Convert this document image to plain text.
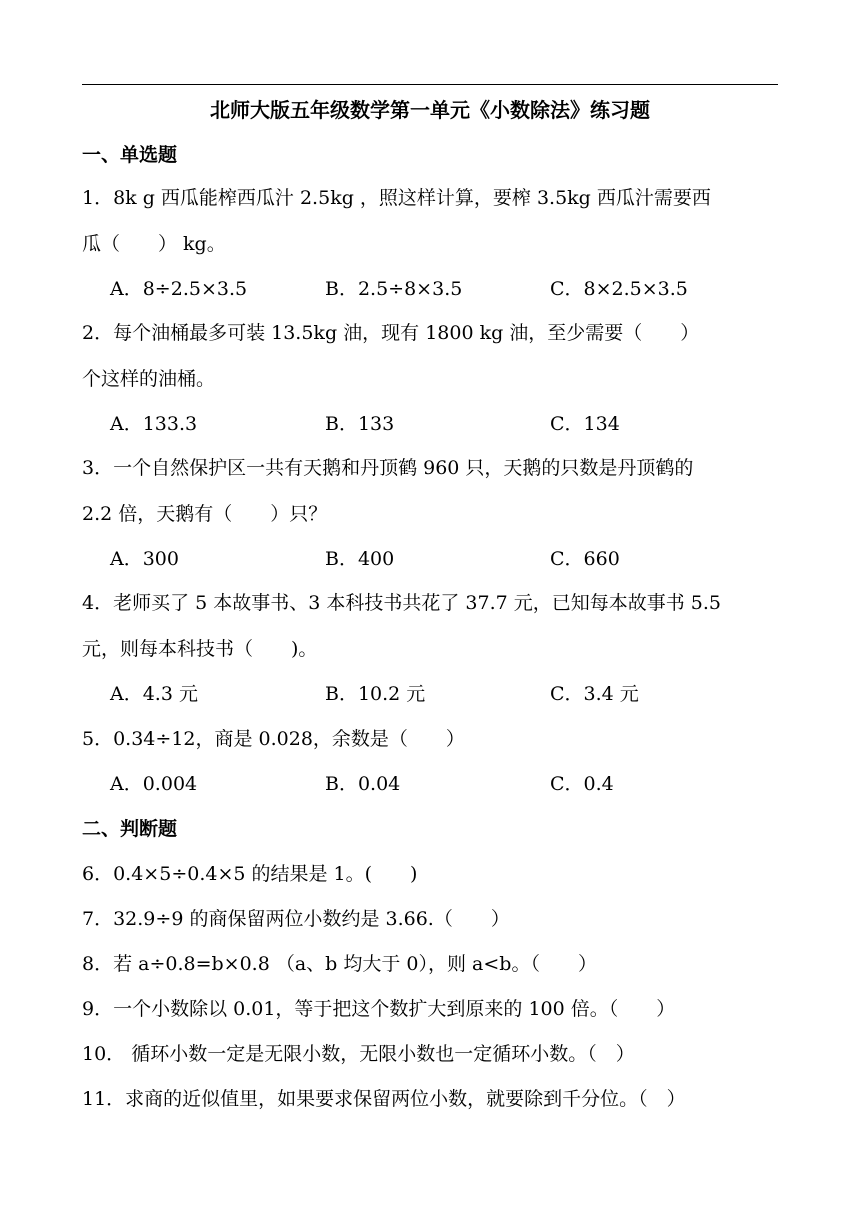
北师大版五年级数学第一单元《小数除法》练习题
一、单选题
1．8k g 西瓜能榨西瓜汁 2.5kg ，照这样计算，要榨 3.5kg 西瓜汁需要西
瓜（　　） kg。
A．8÷2.5×3.5	B．2.5÷8×3.5	C．8×2.5×3.5
2．每个油桶最多可装 13.5kg 油，现有 1800 kg 油，至少需要（　　）
个这样的油桶。
A．133.3	B．133	C．134
3．一个自然保护区一共有天鹅和丹顶鹤 960 只，天鹅的只数是丹顶鹤的
2.2 倍，天鹅有（　　）只？
A．300	B．400	C．660
4．老师买了 5 本故事书、3 本科技书共花了 37.7 元，已知每本故事书 5.5
元，则每本科技书（　　)。
A．4.3 元	B．10.2 元	C．3.4 元
5．0.34÷12，商是 0.028，余数是（　　）
A．0.004	B．0.04	C．0.4
二、判断题
6．0.4×5÷0.4×5 的结果是 1。(　　)
7．32.9÷9 的商保留两位小数约是 3.66.（　　）
8．若 a÷0.8=b×0.8 （a、b 均大于 0），则 a<b。（　　）
9．一个小数除以 0.01，等于把这个数扩大到原来的 100 倍。（　　）
10． 循环小数一定是无限小数，无限小数也一定循环小数。（　）
11．求商的近似值里，如果要求保留两位小数，就要除到千分位。（　）
